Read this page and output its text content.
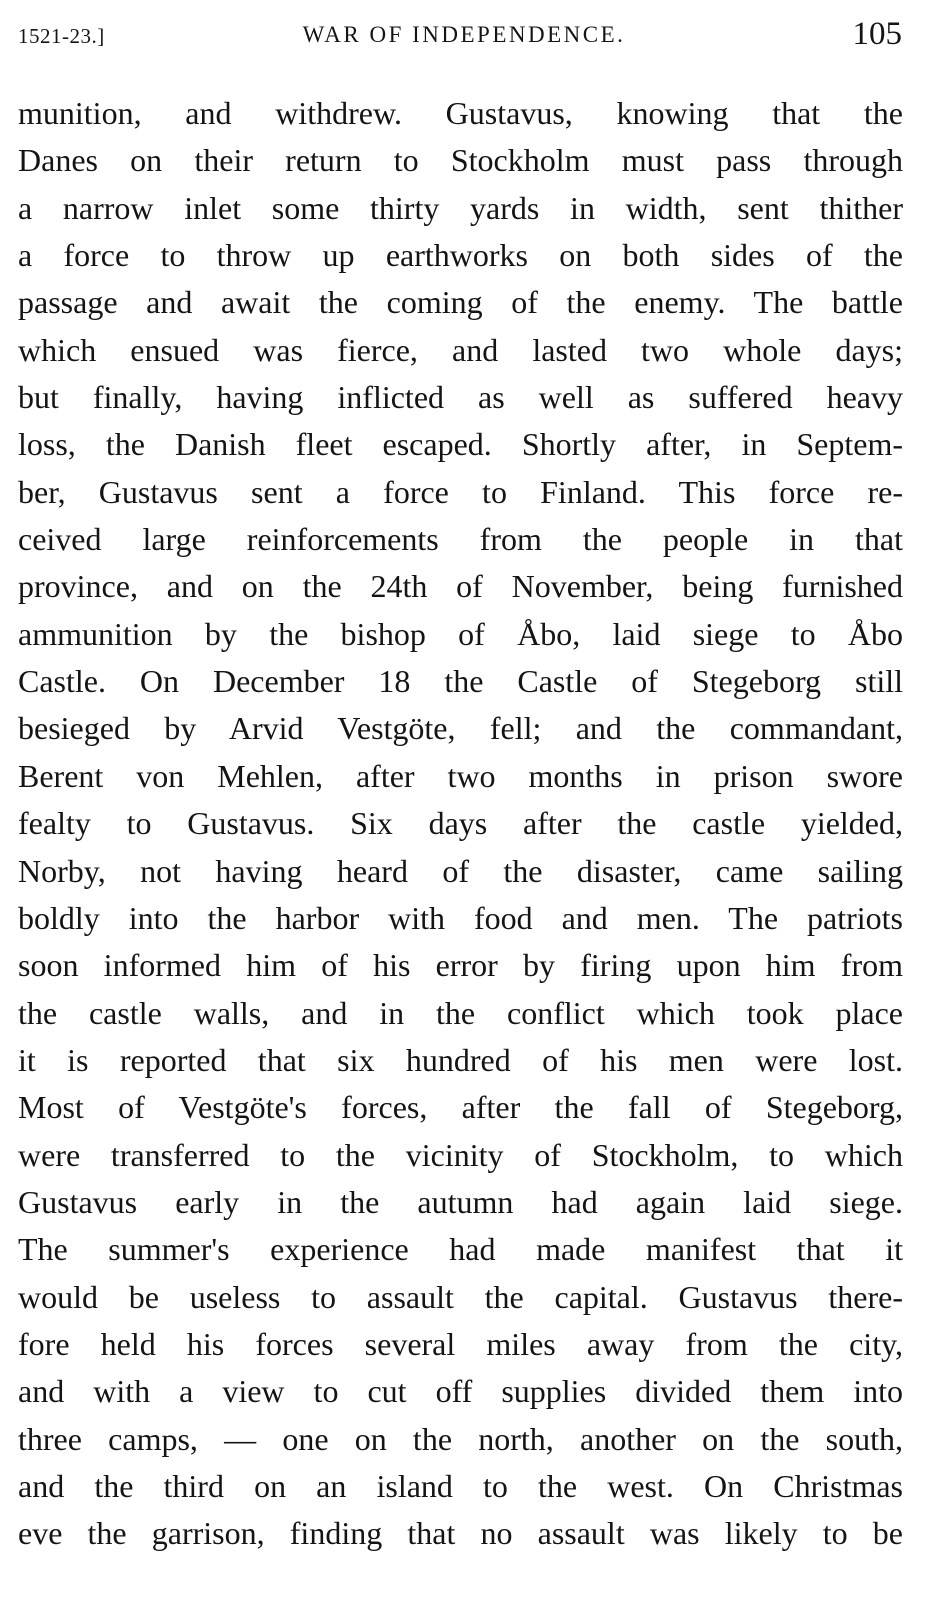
1521-23.]	WAR OF INDEPENDENCE.	105
munition, and withdrew. Gustavus, knowing that the
Danes on their return to Stockholm must pass through
a narrow inlet some thirty yards in width, sent thither
a force to throw up earthworks on both sides of the
passage and await the coming of the enemy. The battle
which ensued was fierce, and lasted two whole days;
but finally, having inflicted as well as suffered heavy
loss, the Danish fleet escaped. Shortly after, in Septem-
ber, Gustavus sent a force to Finland. This force re-
ceived large reinforcements from the people in that
province, and on the 24th of November, being furnished
ammunition by the bishop of Åbo, laid siege to Åbo
Castle. On December 18 the Castle of Stegeborg still
besieged by Arvid Vestgöte, fell; and the commandant,
Berent von Mehlen, after two months in prison swore
fealty to Gustavus. Six days after the castle yielded,
Norby, not having heard of the disaster, came sailing
boldly into the harbor with food and men. The patriots
soon informed him of his error by firing upon him from
the castle walls, and in the conflict which took place
it is reported that six hundred of his men were lost.
Most of Vestgöte's forces, after the fall of Stegeborg,
were transferred to the vicinity of Stockholm, to which
Gustavus early in the autumn had again laid siege.
The summer's experience had made manifest that it
would be useless to assault the capital. Gustavus there-
fore held his forces several miles away from the city,
and with a view to cut off supplies divided them into
three camps, — one on the north, another on the south,
and the third on an island to the west. On Christmas
eve the garrison, finding that no assault was likely to be
